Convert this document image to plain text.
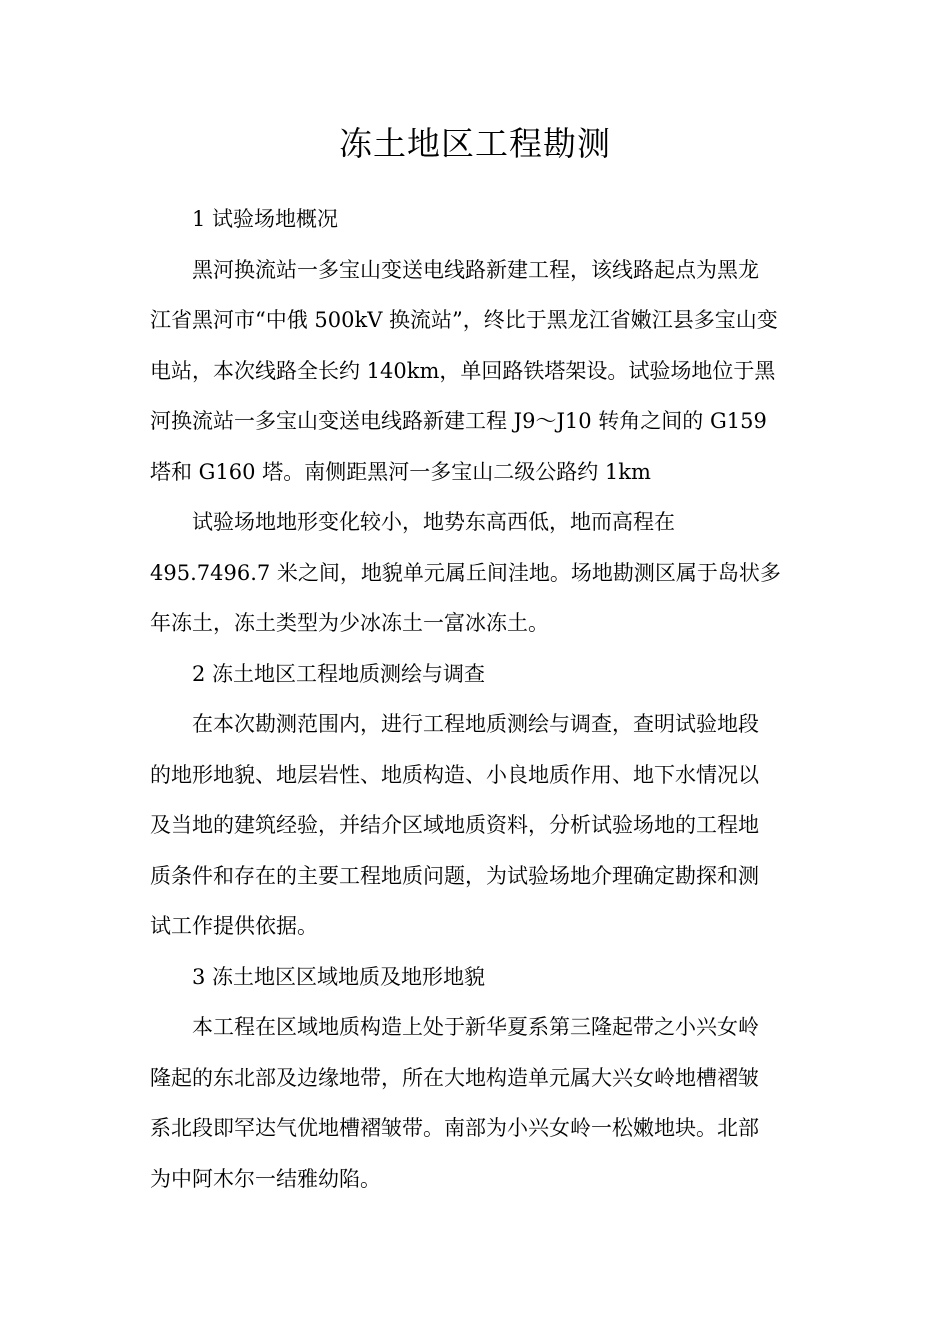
冻土地区工程勘测

1 试验场地概况

黑河换流站一多宝山变送电线路新建工程，该线路起点为黑龙
江省黑河市“中俄 500kV 换流站”，终比于黑龙江省嫩江县多宝山变
电站，本次线路全长约 140km，单回路铁塔架设。试验场地位于黑
河换流站一多宝山变送电线路新建工程 J9～J10 转角之间的 G159
塔和 G160 塔。南侧距黑河一多宝山二级公路约 1km

试验场地地形变化较小，地势东高西低，地而高程在
495.7496.7 米之间，地貌单元属丘间洼地。场地勘测区属于岛状多
年冻土，冻土类型为少冰冻土一富冰冻土。

2 冻土地区工程地质测绘与调查

在本次勘测范围内，进行工程地质测绘与调查，查明试验地段
的地形地貌、地层岩性、地质构造、小良地质作用、地下水情况以
及当地的建筑经验，并结介区域地质资料，分析试验场地的工程地
质条件和存在的主要工程地质问题，为试验场地介理确定勘探和测
试工作提供依据。

3 冻土地区区域地质及地形地貌

本工程在区域地质构造上处于新华夏系第三隆起带之小兴女岭
隆起的东北部及边缘地带，所在大地构造单元属大兴女岭地槽褶皱
系北段即罕达气优地槽褶皱带。南部为小兴女岭一松嫩地块。北部
为中阿木尔一结雅幼陷。
